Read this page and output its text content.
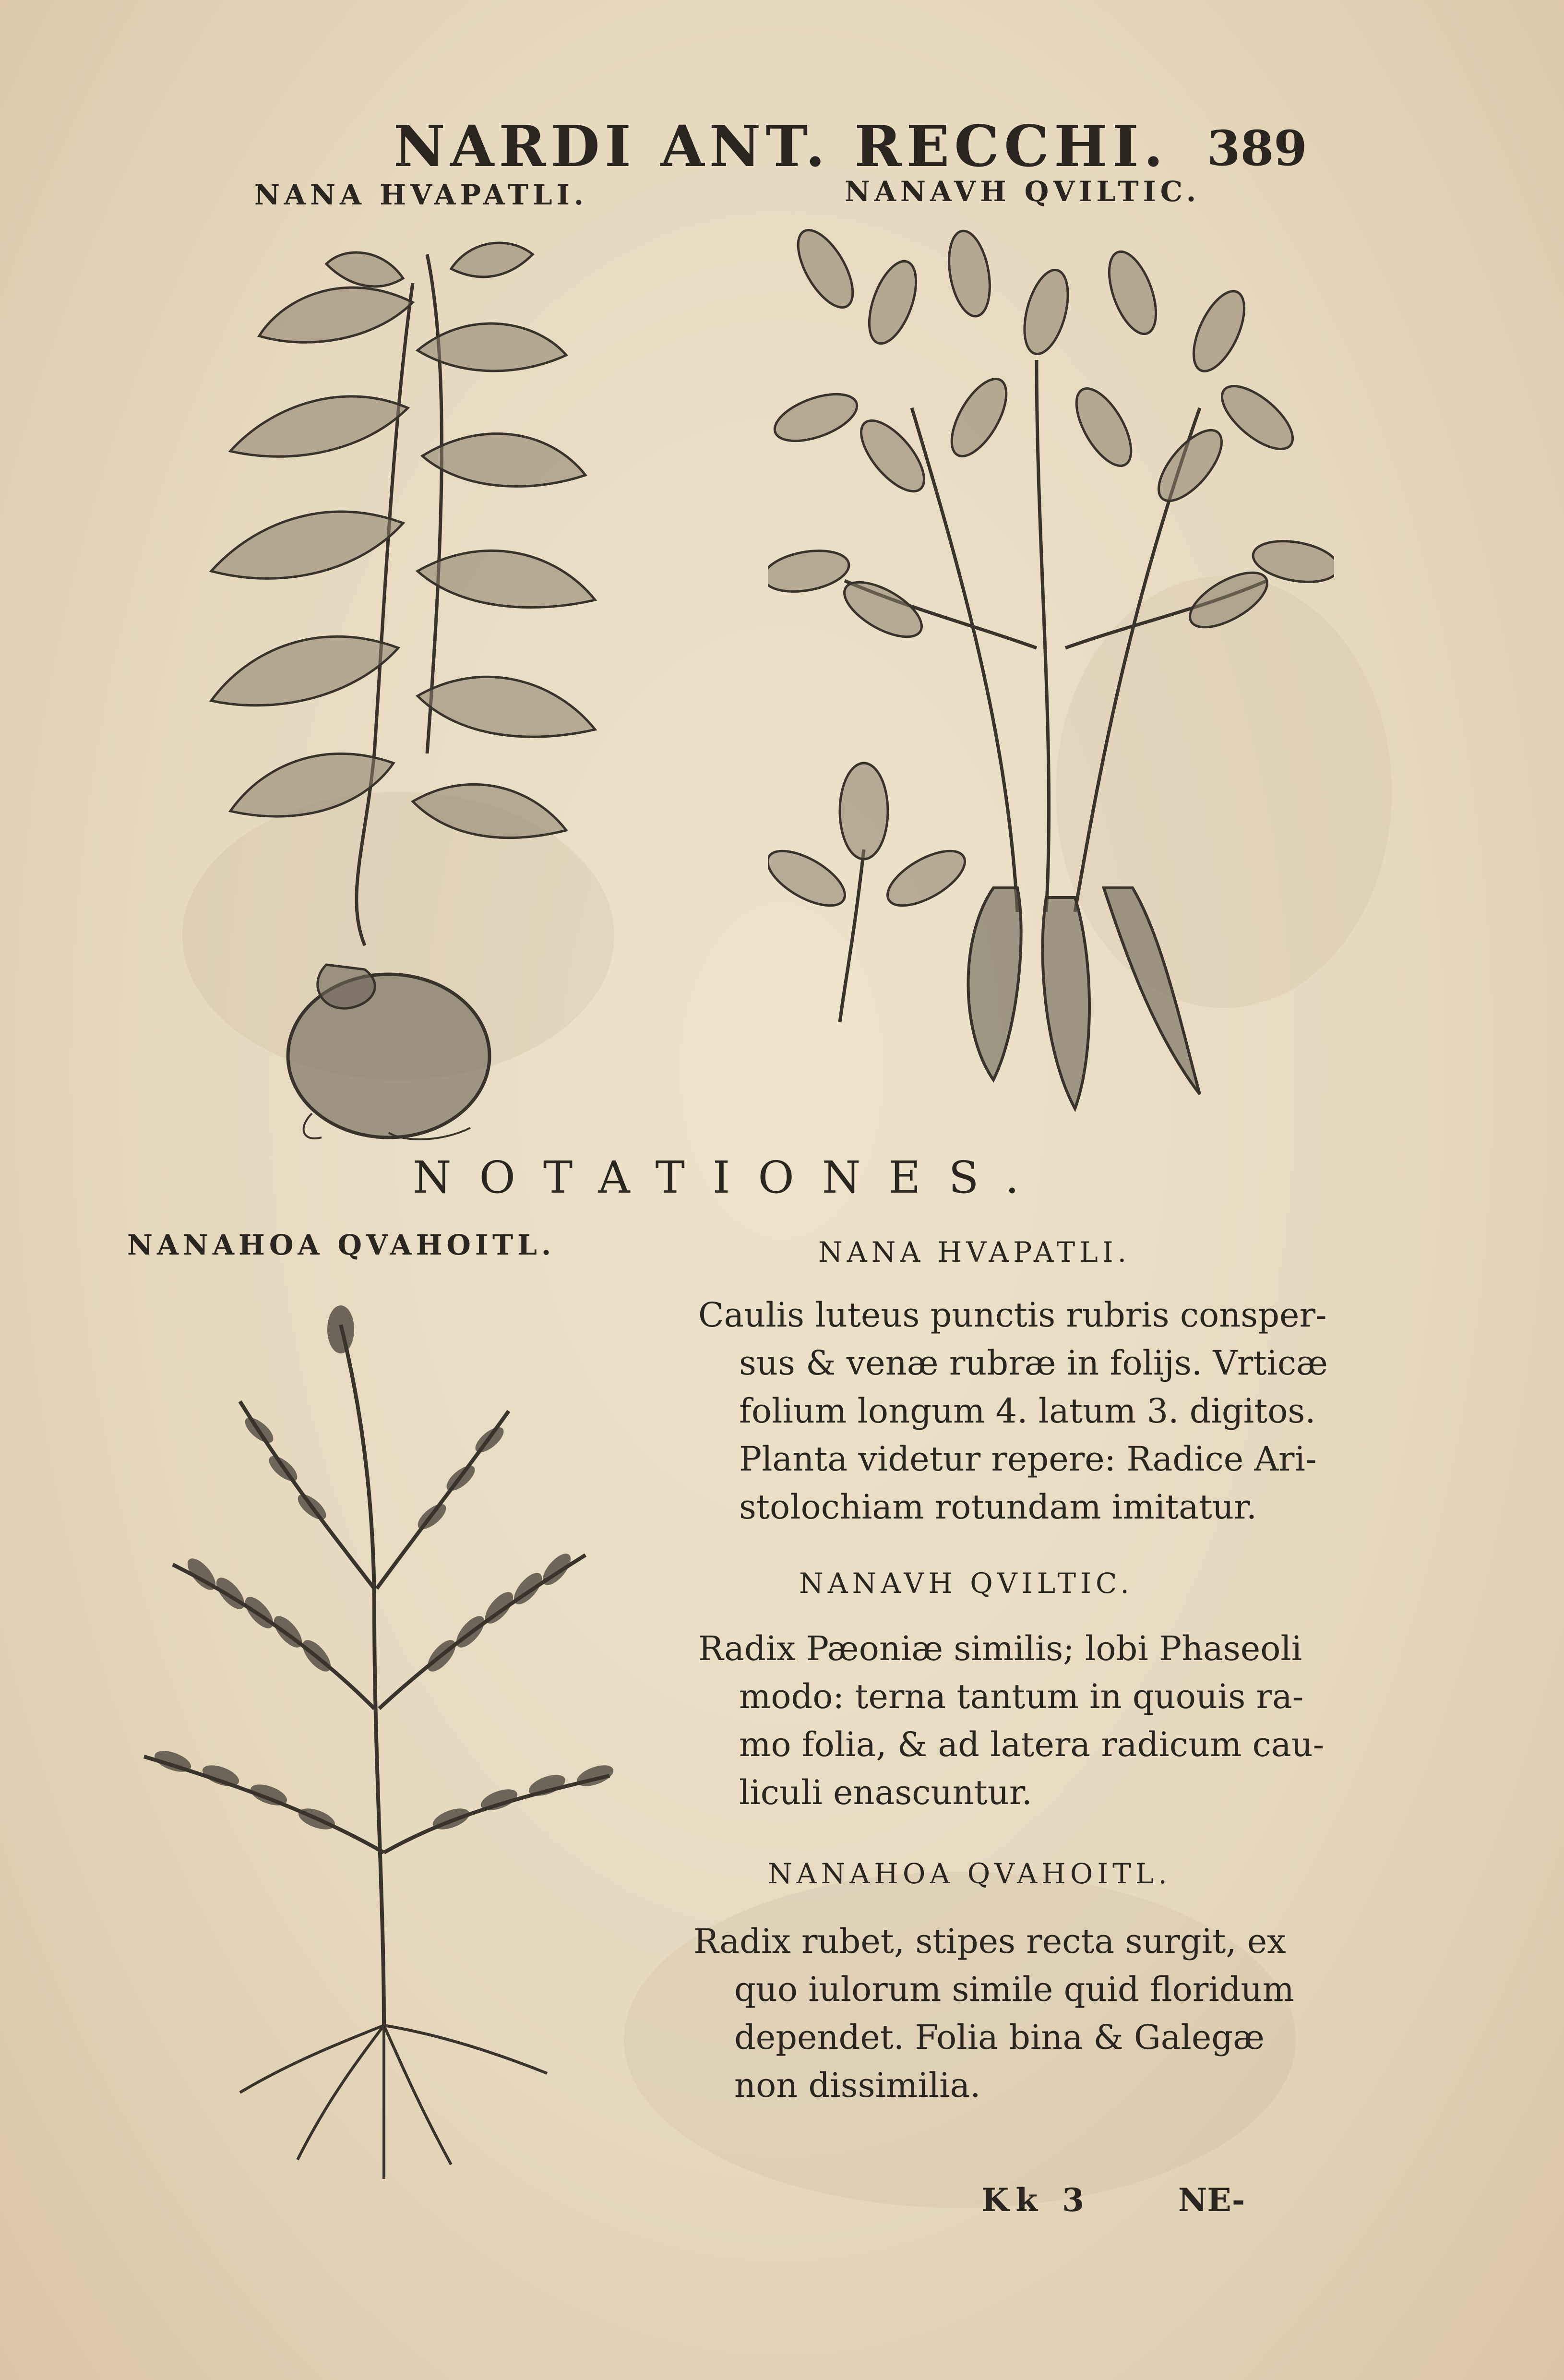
NARDI ANT. RECCHI. 389
NANA HVAPATLI.	NANAVH QVILTIC.
NOTATIONES.
NANAHOA QVAHOITL.	NANA HVAPATLI.
Caulis luteus punctis rubris consper-
sus & venæ rubræ in folijs. Vrticæ
folium longum 4. latum 3. digitos.
Planta videtur repere: Radice Ari-
stolochiam rotundam imitatur.
NANAVH QVILTIC.
Radix Pæoniæ similis; lobi Phaseoli
modo: terna tantum in quouis ra-
mo folia, & ad latera radicum cau-
liculi enascuntur.
NANAHOA QVAHOITL.
Radix rubet, stipes recta surgit, ex
quo iulorum simile quid floridum
dependet. Folia bina & Galegæ
non dissimilia.
Kk 3	NE-
